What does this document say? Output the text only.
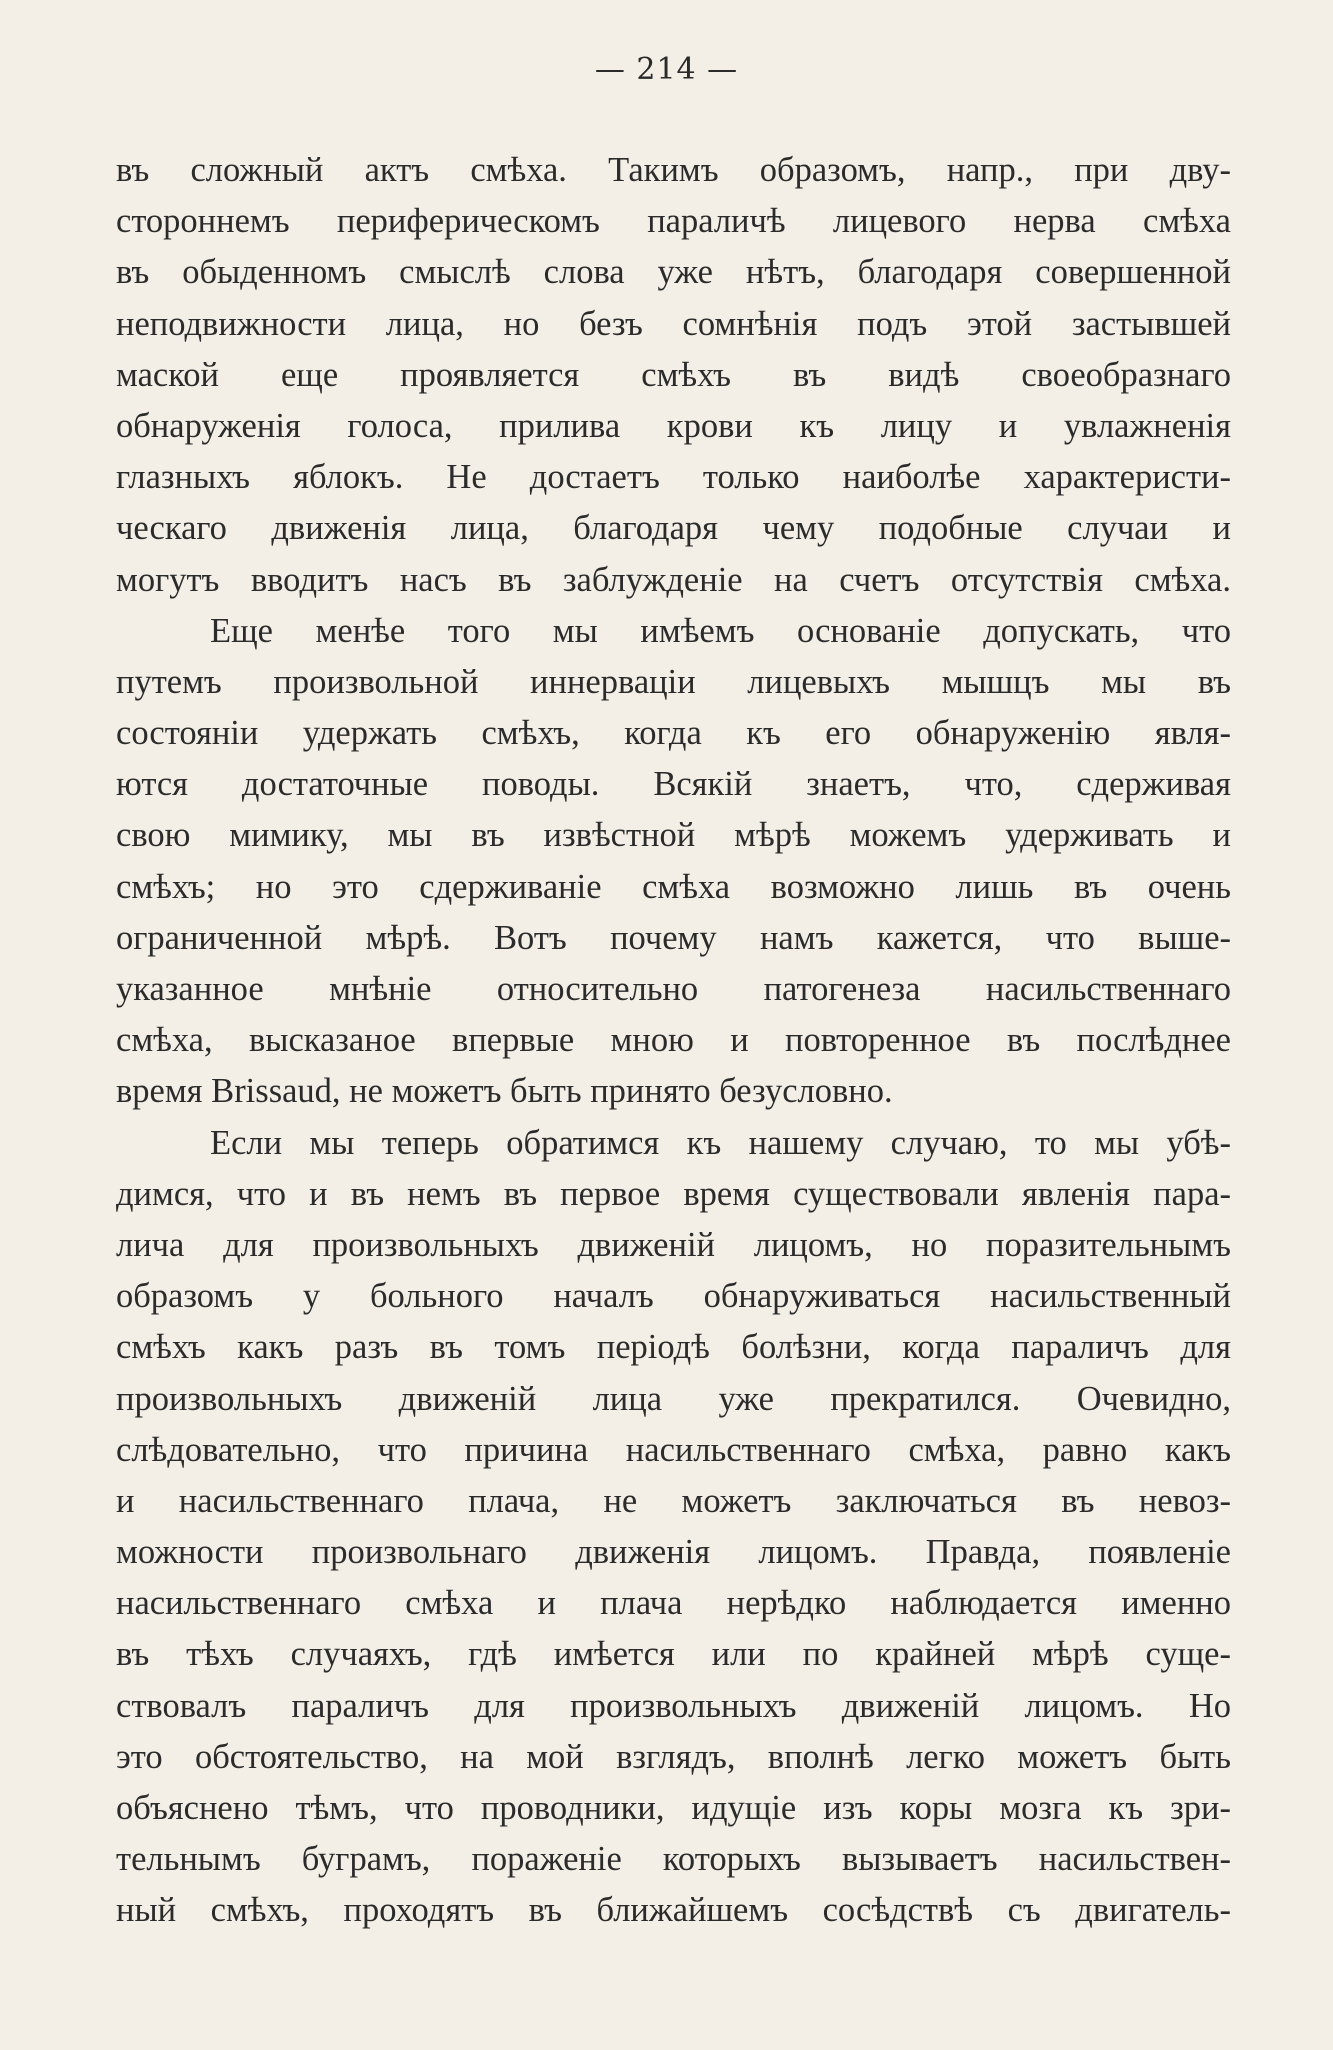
— 214 —
въ сложный актъ смѣха. Такимъ образомъ, напр., при дву-
стороннемъ периферическомъ параличѣ лицевого нерва смѣха
въ обыденномъ смыслѣ слова уже нѣтъ, благодаря совершенной
неподвижности лица, но безъ сомнѣнія подъ этой застывшей
маской еще проявляется смѣхъ въ видѣ своеобразнаго
обнаруженія голоса, прилива крови къ лицу и увлажненія
глазныхъ яблокъ. Не достаетъ только наиболѣе характеристи-
ческаго движенія лица, благодаря чему подобные случаи и
могутъ вводитъ насъ въ заблужденіе на счетъ отсутствія смѣха.
Еще менѣе того мы имѣемъ основаніе допускать, что
путемъ произвольной иннерваціи лицевыхъ мышцъ мы въ
состояніи удержать смѣхъ, когда къ его обнаруженію явля-
ются достаточные поводы. Всякій знаетъ, что, сдерживая
свою мимику, мы въ извѣстной мѣрѣ можемъ удерживать и
смѣхъ; но это сдерживаніе смѣха возможно лишь въ очень
ограниченной мѣрѣ. Вотъ почему намъ кажется, что выше-
указанное мнѣніе относительно патогенеза насильственнаго
смѣха, высказаное впервые мною и повторенное въ послѣднее
время Brissaud, не можетъ быть принято безусловно.
Если мы теперь обратимся къ нашему случаю, то мы убѣ-
димся, что и въ немъ въ первое время существовали явленія пара-
лича для произвольныхъ движеній лицомъ, но поразительнымъ
образомъ у больного началъ обнаруживаться насильственный
смѣхъ какъ разъ въ томъ періодѣ болѣзни, когда параличъ для
произвольныхъ движеній лица уже прекратился. Очевидно,
слѣдовательно, что причина насильственнаго смѣха, равно какъ
и насильственнаго плача, не можетъ заключаться въ невоз-
можности произвольнаго движенія лицомъ. Правда, появленіе
насильственнаго смѣха и плача нерѣдко наблюдается именно
въ тѣхъ случаяхъ, гдѣ имѣется или по крайней мѣрѣ суще-
ствовалъ параличъ для произвольныхъ движеній лицомъ. Но
это обстоятельство, на мой взглядъ, вполнѣ легко можетъ быть
объяснено тѣмъ, что проводники, идущіе изъ коры мозга къ зри-
тельнымъ буграмъ, пораженіе которыхъ вызываетъ насильствен-
ный смѣхъ, проходятъ въ ближайшемъ сосѣдствѣ съ двигатель-
